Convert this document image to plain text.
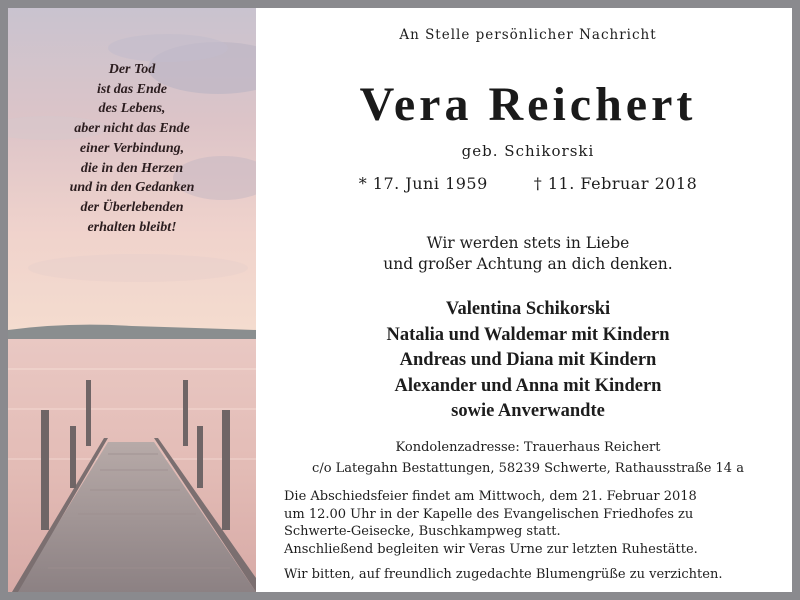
Der Tod
ist das Ende
des Lebens,
aber nicht das Ende
einer Verbindung,
die in den Herzen
und in den Gedanken
der Überlebenden
erhalten bleibt!
An Stelle persönlicher Nachricht
Vera Reichert
geb. Schikorski
* 17. Juni 1959	† 11. Februar 2018
Wir werden stets in Liebe
und großer Achtung an dich denken.
Valentina Schikorski
Natalia und Waldemar mit Kindern
Andreas und Diana mit Kindern
Alexander und Anna mit Kindern
sowie Anverwandte
Kondolenzadresse: Trauerhaus Reichert
c/o Lategahn Bestattungen, 58239 Schwerte, Rathausstraße 14 a
Die Abschiedsfeier findet am Mittwoch, dem 21. Februar 2018
um 12.00 Uhr in der Kapelle des Evangelischen Friedhofes zu
Schwerte-Geisecke, Buschkampweg statt.
Anschließend begleiten wir Veras Urne zur letzten Ruhestätte.
Wir bitten, auf freundlich zugedachte Blumengrüße zu verzichten.
